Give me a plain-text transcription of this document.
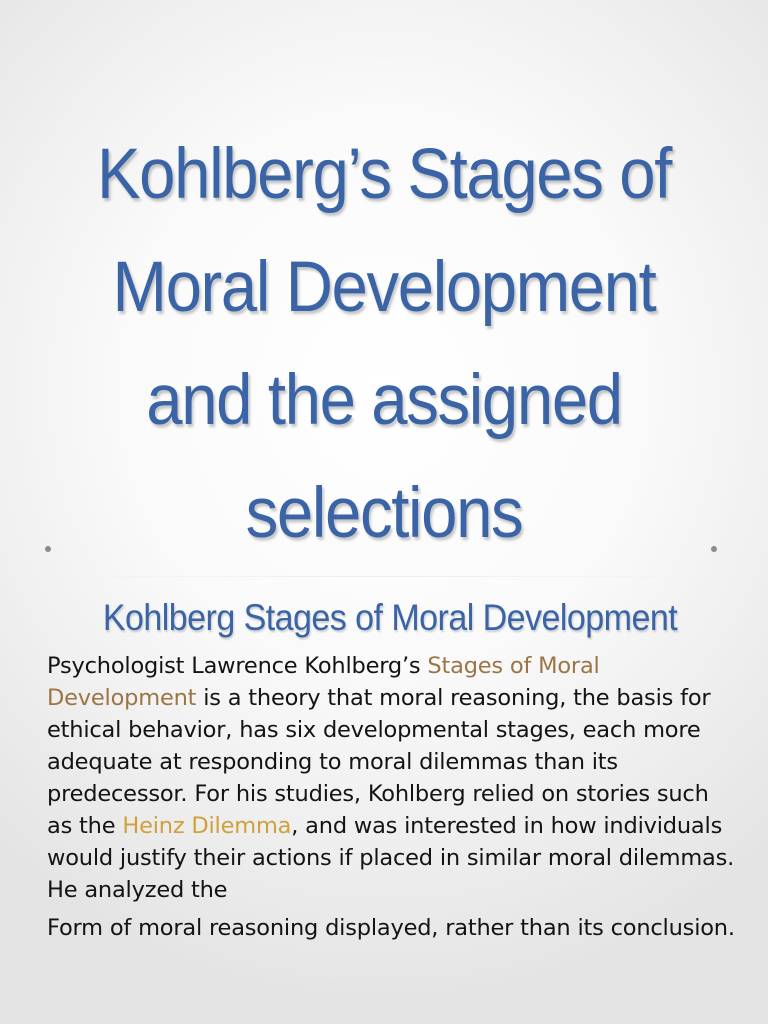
Kohlberg’s Stages of
Moral Development
and the assigned
selections
Kohlberg Stages of Moral Development

Psychologist Lawrence Kohlberg’s Stages of Moral Development is a theory that moral reasoning, the basis for ethical behavior, has six developmental stages, each more adequate at responding to moral dilemmas than its predecessor. For his studies, Kohlberg relied on stories such as the Heinz Dilemma, and was interested in how individuals would justify their actions if placed in similar moral dilemmas. He analyzed the

Form of moral reasoning displayed, rather than its conclusion.
